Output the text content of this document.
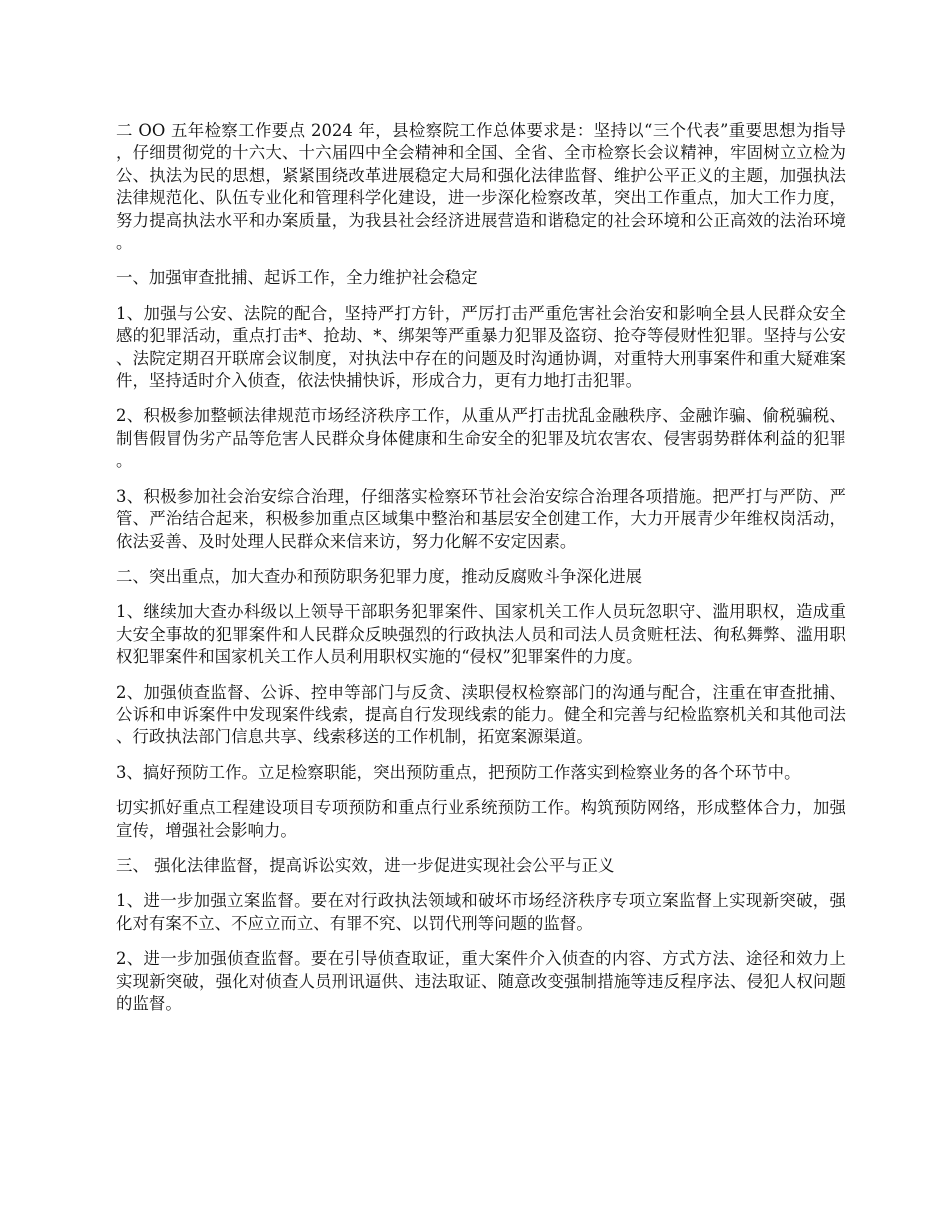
二 OO 五年检察工作要点 2024 年，县检察院工作总体要求是：坚持以“三个代表”重要思想为指导，仔细贯彻党的十六大、十六届四中全会精神和全国、全省、全市检察长会议精神，牢固树立立检为公、执法为民的思想，紧紧围绕改革进展稳定大局和强化法律监督、维护公平正义的主题，加强执法法律规范化、队伍专业化和管理科学化建设，进一步深化检察改革，突出工作重点，加大工作力度，努力提高执法水平和办案质量，为我县社会经济进展营造和谐稳定的社会环境和公正高效的法治环境。

一、加强审查批捕、起诉工作，全力维护社会稳定

1、加强与公安、法院的配合，坚持严打方针，严厉打击严重危害社会治安和影响全县人民群众安全感的犯罪活动，重点打击*、抢劫、*、绑架等严重暴力犯罪及盗窃、抢夺等侵财性犯罪。坚持与公安、法院定期召开联席会议制度，对执法中存在的问题及时沟通协调，对重特大刑事案件和重大疑难案件，坚持适时介入侦查，依法快捕快诉，形成合力，更有力地打击犯罪。

2、积极参加整顿法律规范市场经济秩序工作，从重从严打击扰乱金融秩序、金融诈骗、偷税骗税、制售假冒伪劣产品等危害人民群众身体健康和生命安全的犯罪及坑农害农、侵害弱势群体利益的犯罪。

3、积极参加社会治安综合治理，仔细落实检察环节社会治安综合治理各项措施。把严打与严防、严管、严治结合起来，积极参加重点区域集中整治和基层安全创建工作，大力开展青少年维权岗活动，依法妥善、及时处理人民群众来信来访，努力化解不安定因素。

二、突出重点，加大查办和预防职务犯罪力度，推动反腐败斗争深化进展

1、继续加大查办科级以上领导干部职务犯罪案件、国家机关工作人员玩忽职守、滥用职权，造成重大安全事故的犯罪案件和人民群众反映强烈的行政执法人员和司法人员贪赃枉法、徇私舞弊、滥用职权犯罪案件和国家机关工作人员利用职权实施的“侵权”犯罪案件的力度。

2、加强侦查监督、公诉、控申等部门与反贪、渎职侵权检察部门的沟通与配合，注重在审查批捕、公诉和申诉案件中发现案件线索，提高自行发现线索的能力。健全和完善与纪检监察机关和其他司法、行政执法部门信息共享、线索移送的工作机制，拓宽案源渠道。

3、搞好预防工作。立足检察职能，突出预防重点，把预防工作落实到检察业务的各个环节中。

切实抓好重点工程建设项目专项预防和重点行业系统预防工作。构筑预防网络，形成整体合力，加强宣传，增强社会影响力。

三、 强化法律监督，提高诉讼实效，进一步促进实现社会公平与正义

1、进一步加强立案监督。要在对行政执法领域和破坏市场经济秩序专项立案监督上实现新突破，强化对有案不立、不应立而立、有罪不究、以罚代刑等问题的监督。

2、进一步加强侦查监督。要在引导侦查取证，重大案件介入侦查的内容、方式方法、途径和效力上实现新突破，强化对侦查人员刑讯逼供、违法取证、随意改变强制措施等违反程序法、侵犯人权问题的监督。
